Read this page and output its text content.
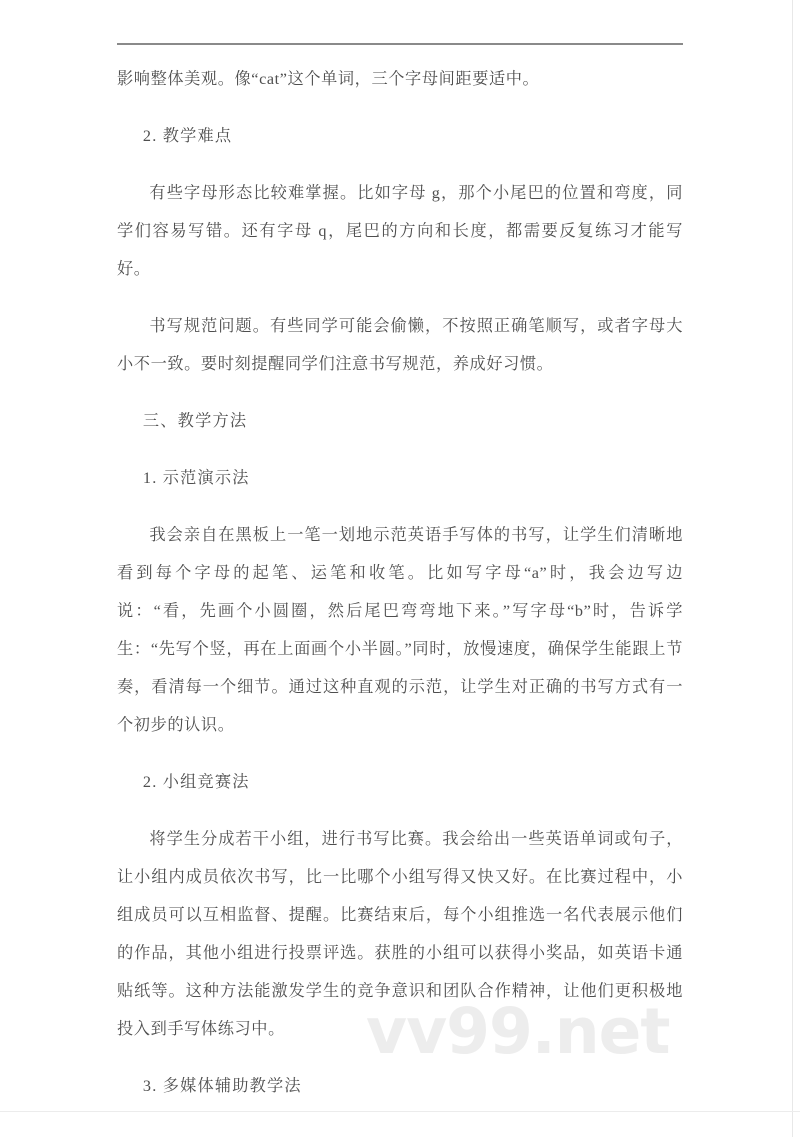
影响整体美观。像“cat”这个单词，三个字母间距要适中。

2. 教学难点

有些字母形态比较难掌握。比如字母 g，那个小尾巴的位置和弯度，同学们容易写错。还有字母 q，尾巴的方向和长度，都需要反复练习才能写好。

书写规范问题。有些同学可能会偷懒，不按照正确笔顺写，或者字母大小不一致。要时刻提醒同学们注意书写规范，养成好习惯。

三、教学方法
1. 示范演示法

我会亲自在黑板上一笔一划地示范英语手写体的书写，让学生们清晰地看到每个字母的起笔、运笔和收笔。比如写字母“a”时，我会边写边说：“看，先画个小圆圈，然后尾巴弯弯地下来。”写字母“b”时，告诉学生：“先写个竖，再在上面画个小半圆。”同时，放慢速度，确保学生能跟上节奏，看清每一个细节。通过这种直观的示范，让学生对正确的书写方式有一个初步的认识。

2. 小组竞赛法

将学生分成若干小组，进行书写比赛。我会给出一些英语单词或句子，让小组内成员依次书写，比一比哪个小组写得又快又好。在比赛过程中，小组成员可以互相监督、提醒。比赛结束后，每个小组推选一名代表展示他们的作品，其他小组进行投票评选。获胜的小组可以获得小奖品，如英语卡通贴纸等。这种方法能激发学生的竞争意识和团队合作精神，让他们更积极地投入到手写体练习中。

3. 多媒体辅助教学法
vv99.net
